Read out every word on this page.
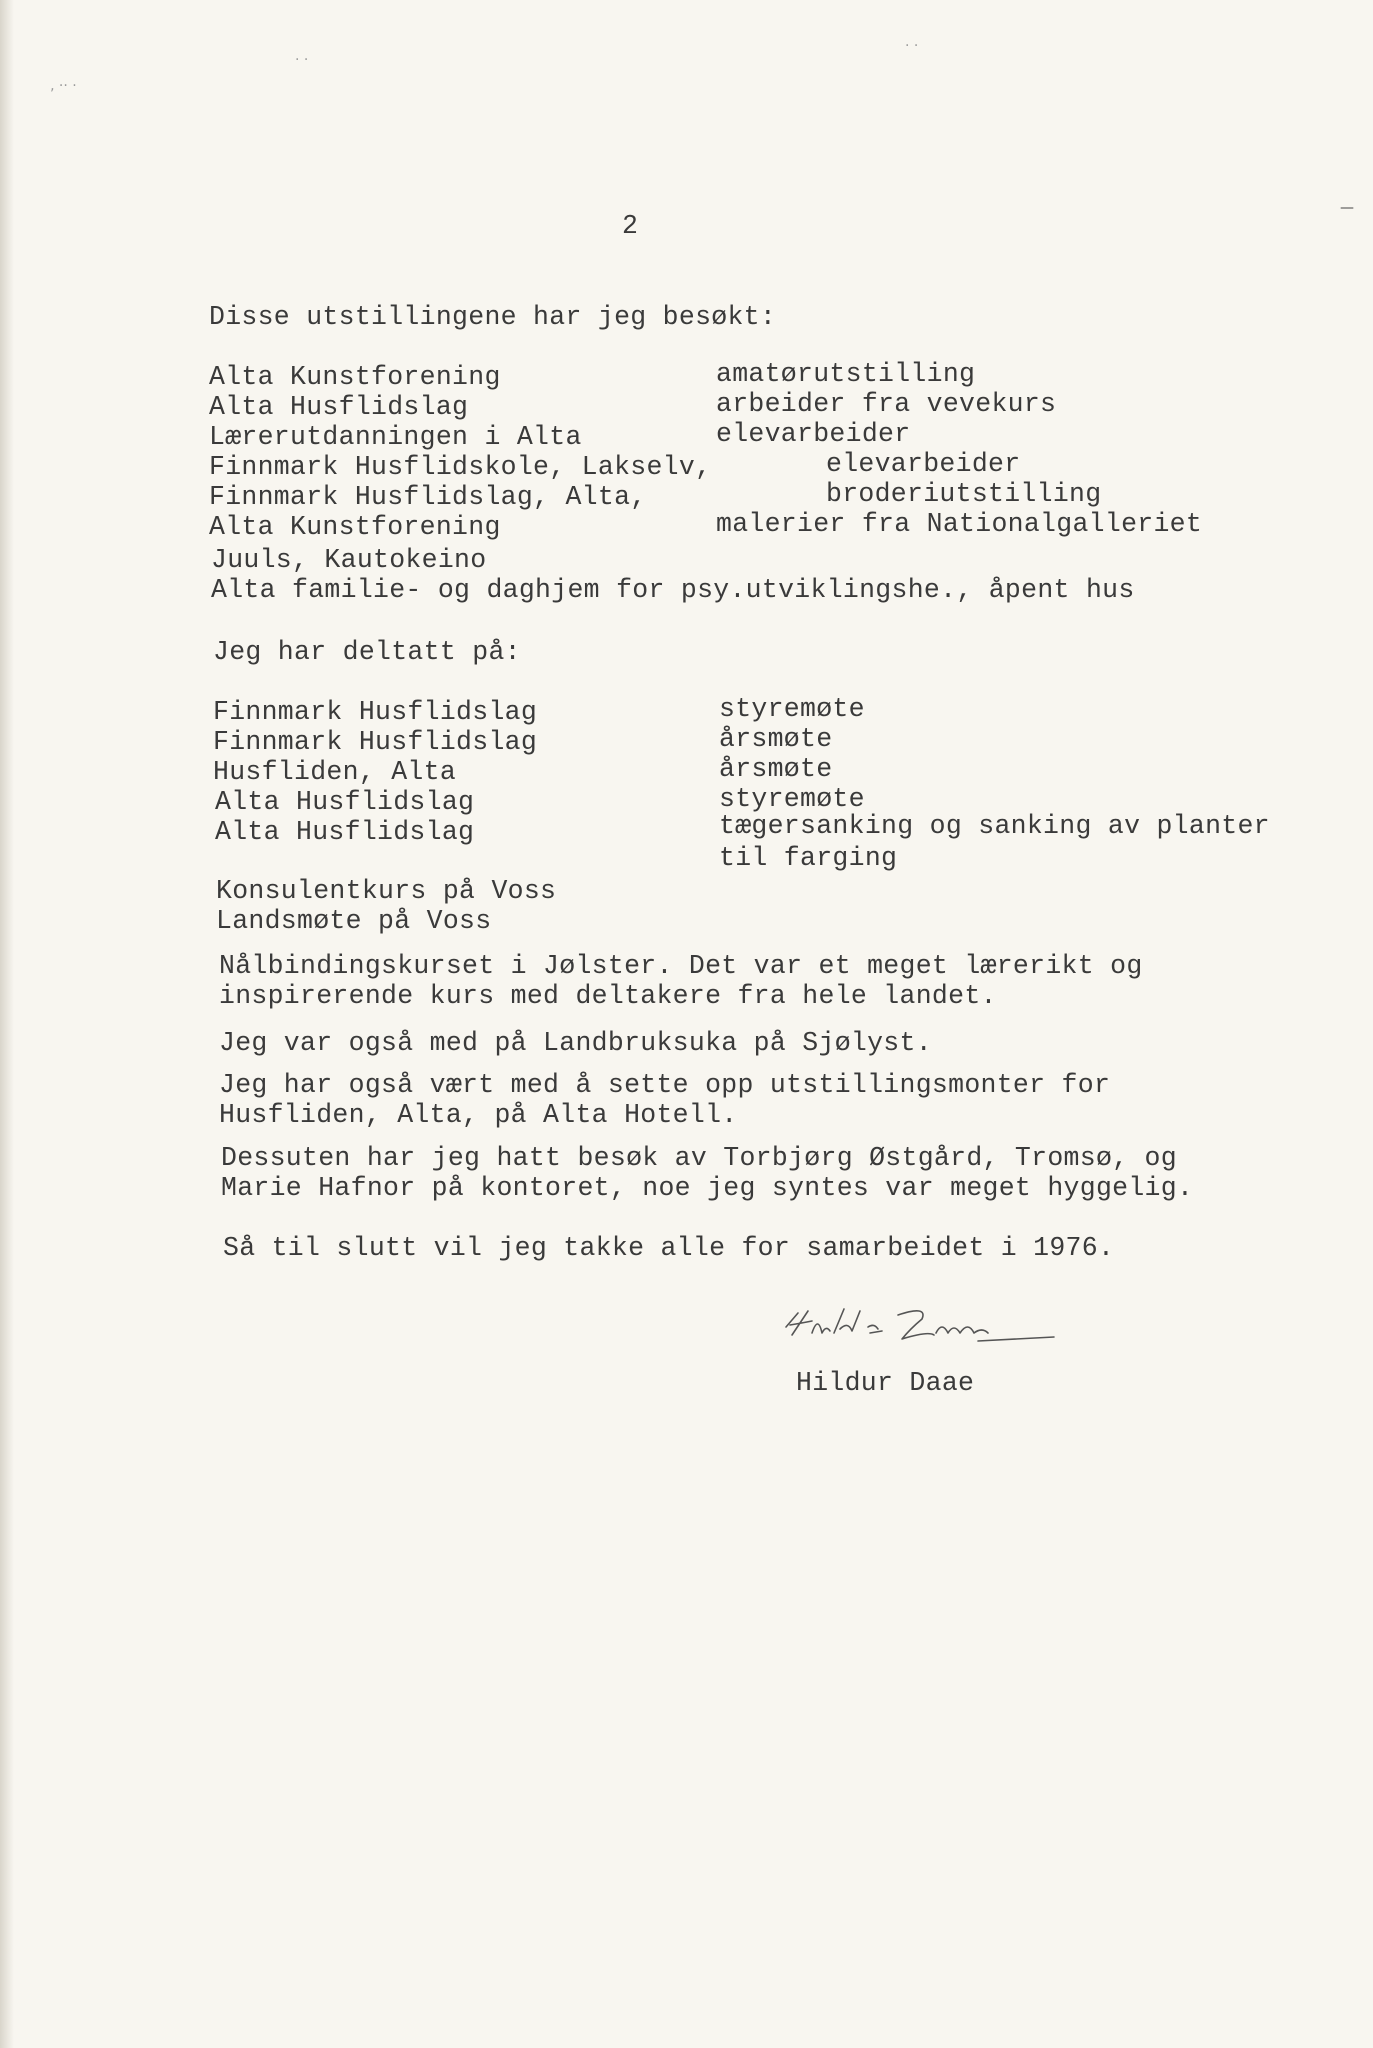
‚ ·· ·
· ·
· ·
—
2
Disse utstillingene har jeg besøkt:
Alta Kunstforening	amatørutstilling
Alta Husflidslag	arbeider fra vevekurs
Lærerutdanningen i Alta	elevarbeider
Finnmark Husflidskole, Lakselv,	elevarbeider
Finnmark Husflidslag, Alta,	broderiutstilling
Alta Kunstforening	malerier fra Nationalgalleriet
Juuls, Kautokeino
Alta familie- og daghjem for psy.utviklingshe., åpent hus
Jeg har deltatt på:
Finnmark Husflidslag	styremøte
Finnmark Husflidslag	årsmøte
Husfliden, Alta	årsmøte
Alta Husflidslag	styremøte
Alta Husflidslag	tægersanking og sanking av planter
til farging
Konsulentkurs på Voss
Landsmøte på Voss
Nålbindingskurset i Jølster. Det var et meget lærerikt og
inspirerende kurs med deltakere fra hele landet.
Jeg var også med på Landbruksuka på Sjølyst.
Jeg har også vært med å sette opp utstillingsmonter for
Husfliden, Alta, på Alta Hotell.
Dessuten har jeg hatt besøk av Torbjørg Østgård, Tromsø, og
Marie Hafnor på kontoret, noe jeg syntes var meget hyggelig.
Så til slutt vil jeg takke alle for samarbeidet i 1976.
Hildur Daae
